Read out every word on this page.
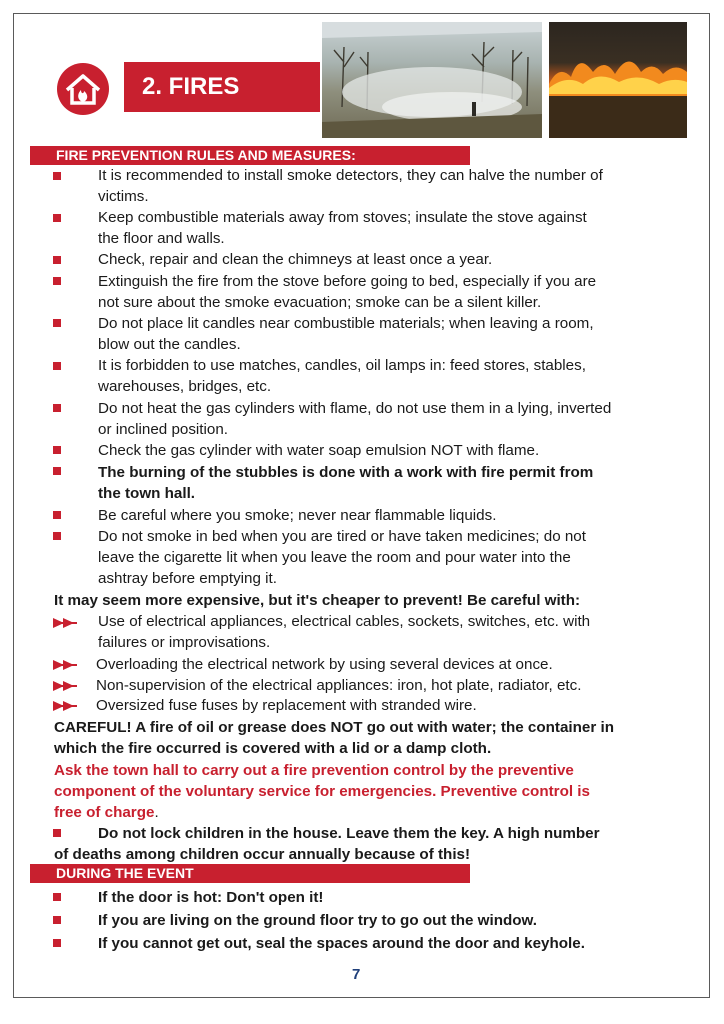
2. FIRES
FIRE PREVENTION RULES AND MEASURES:
It is recommended to install smoke detectors, they can halve the number of
victims.
Keep combustible materials away from stoves; insulate the stove against
the floor and walls.
Check, repair and clean the chimneys at least once a year.
Extinguish the fire from the stove before going to bed, especially if you are
not sure about the smoke evacuation; smoke can be a silent killer.
Do not place lit candles near combustible materials; when leaving a room,
blow out the candles.
It is forbidden to use matches, candles, oil lamps in: feed stores, stables,
warehouses, bridges, etc.
Do not heat the gas cylinders with flame, do not use them in a lying, inverted
or inclined position.
Check the gas cylinder with water soap emulsion NOT with flame.
The burning of the stubbles is done with a work with fire permit from
the town hall.
Be careful where you smoke; never near flammable liquids.
Do not smoke in bed when you are tired or have taken medicines; do not
leave the cigarette lit when you leave the room and pour water into the
ashtray before emptying it.
It may seem more expensive, but it's cheaper to prevent! Be careful with:
Use of electrical appliances, electrical cables, sockets, switches, etc. with
failures or improvisations.
Overloading the electrical network by using several devices at once.
Non-supervision of the electrical appliances: iron, hot plate, radiator, etc.
Oversized fuse fuses by replacement with stranded wire.
CAREFUL! A fire of oil or grease does NOT go out with water; the container in
which the fire occurred is covered with a lid or a damp cloth.
Ask the town hall to carry out a fire prevention control by the preventive
component of the voluntary service for emergencies. Preventive control is
free of charge.
Do not lock children in the house. Leave them the key. A high number
of deaths among children occur annually because of this!
DURING THE EVENT
If the door is hot: Don't open it!
If you are living on the ground floor try to go out the window.
If you cannot get out, seal the spaces around the door and keyhole.
7
